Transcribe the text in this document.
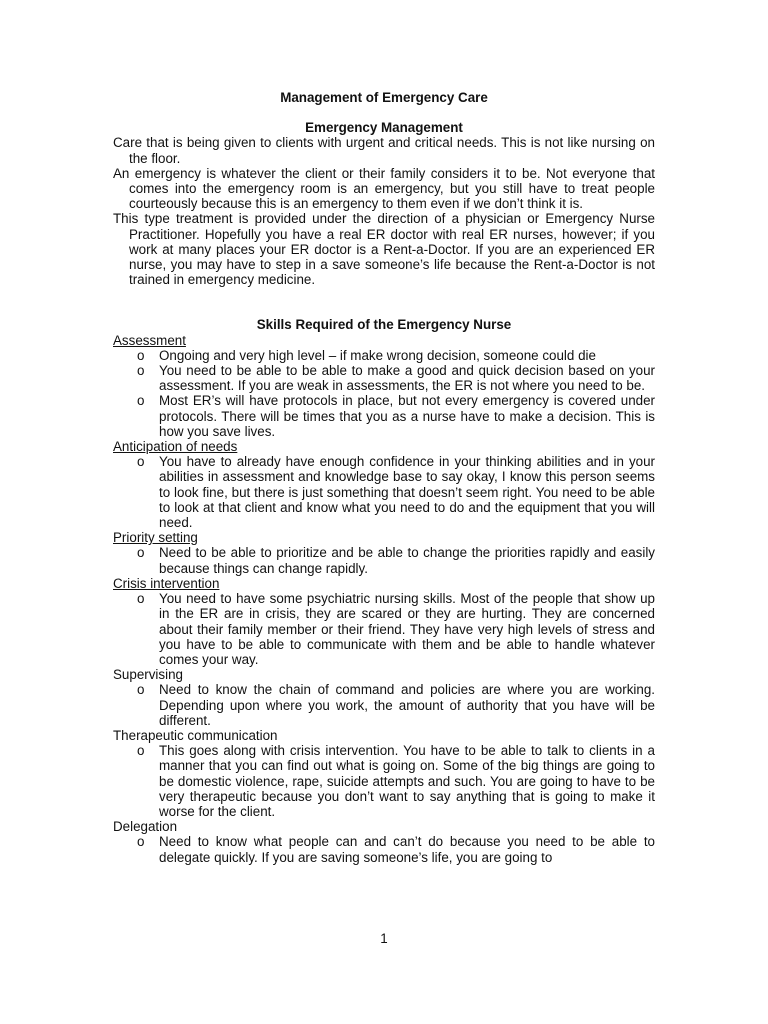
Management of Emergency Care

Emergency Management

Care that is being given to clients with urgent and critical needs. This is not like nursing on the floor.

An emergency is whatever the client or their family considers it to be. Not everyone that comes into the emergency room is an emergency, but you still have to treat people courteously because this is an emergency to them even if we don’t think it is.

This type treatment is provided under the direction of a physician or Emergency Nurse Practitioner. Hopefully you have a real ER doctor with real ER nurses, however; if you work at many places your ER doctor is a Rent-a-Doctor. If you are an experienced ER nurse, you may have to step in a save someone’s life because the Rent-a-Doctor is not trained in emergency medicine.

Skills Required of the Emergency Nurse

Assessment

o Ongoing and very high level – if make wrong decision, someone could die
o You need to be able to be able to make a good and quick decision based on your assessment. If you are weak in assessments, the ER is not where you need to be.
o Most ER’s will have protocols in place, but not every emergency is covered under protocols. There will be times that you as a nurse have to make a decision. This is how you save lives.

Anticipation of needs

o You have to already have enough confidence in your thinking abilities and in your abilities in assessment and knowledge base to say okay, I know this person seems to look fine, but there is just something that doesn’t seem right. You need to be able to look at that client and know what you need to do and the equipment that you will need.

Priority setting

o Need to be able to prioritize and be able to change the priorities rapidly and easily because things can change rapidly.

Crisis intervention

o You need to have some psychiatric nursing skills. Most of the people that show up in the ER are in crisis, they are scared or they are hurting. They are concerned about their family member or their friend. They have very high levels of stress and you have to be able to communicate with them and be able to handle whatever comes your way.

Supervising

o Need to know the chain of command and policies are where you are working. Depending upon where you work, the amount of authority that you have will be different.

Therapeutic communication

o This goes along with crisis intervention. You have to be able to talk to clients in a manner that you can find out what is going on. Some of the big things are going to be domestic violence, rape, suicide attempts and such. You are going to have to be very therapeutic because you don’t want to say anything that is going to make it worse for the client.

Delegation

o Need to know what people can and can’t do because you need to be able to delegate quickly. If you are saving someone’s life, you are going to
1
